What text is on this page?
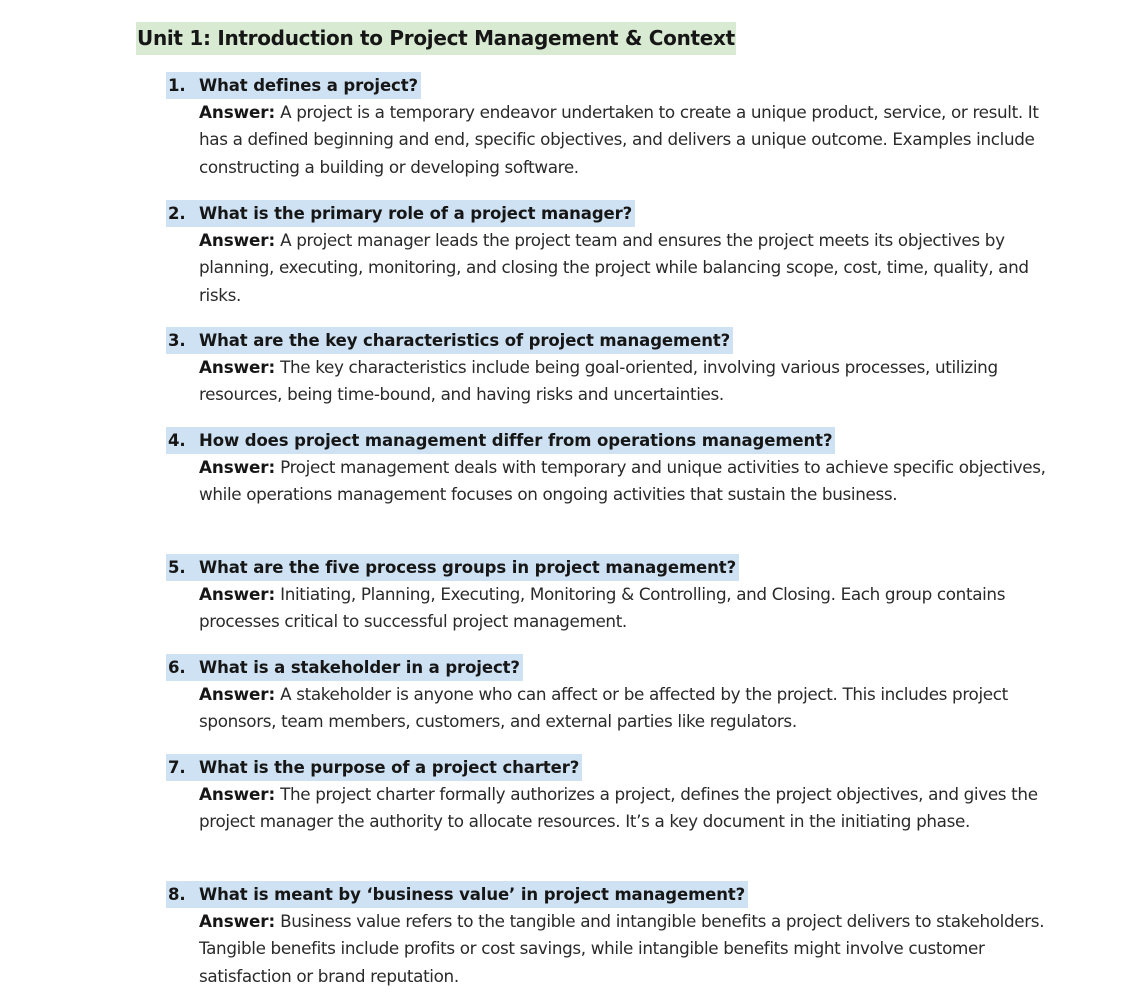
Unit 1: Introduction to Project Management & Context
1. What defines a project?
Answer: A project is a temporary endeavor undertaken to create a unique product, service, or result. It has a defined beginning and end, specific objectives, and delivers a unique outcome. Examples include constructing a building or developing software.
2. What is the primary role of a project manager?
Answer: A project manager leads the project team and ensures the project meets its objectives by planning, executing, monitoring, and closing the project while balancing scope, cost, time, quality, and risks.
3. What are the key characteristics of project management?
Answer: The key characteristics include being goal-oriented, involving various processes, utilizing resources, being time-bound, and having risks and uncertainties.
4. How does project management differ from operations management?
Answer: Project management deals with temporary and unique activities to achieve specific objectives, while operations management focuses on ongoing activities that sustain the business.
5. What are the five process groups in project management?
Answer: Initiating, Planning, Executing, Monitoring & Controlling, and Closing. Each group contains processes critical to successful project management.
6. What is a stakeholder in a project?
Answer: A stakeholder is anyone who can affect or be affected by the project. This includes project sponsors, team members, customers, and external parties like regulators.
7. What is the purpose of a project charter?
Answer: The project charter formally authorizes a project, defines the project objectives, and gives the project manager the authority to allocate resources. It’s a key document in the initiating phase.
8. What is meant by ‘business value’ in project management?
Answer: Business value refers to the tangible and intangible benefits a project delivers to stakeholders. Tangible benefits include profits or cost savings, while intangible benefits might involve customer satisfaction or brand reputation.
